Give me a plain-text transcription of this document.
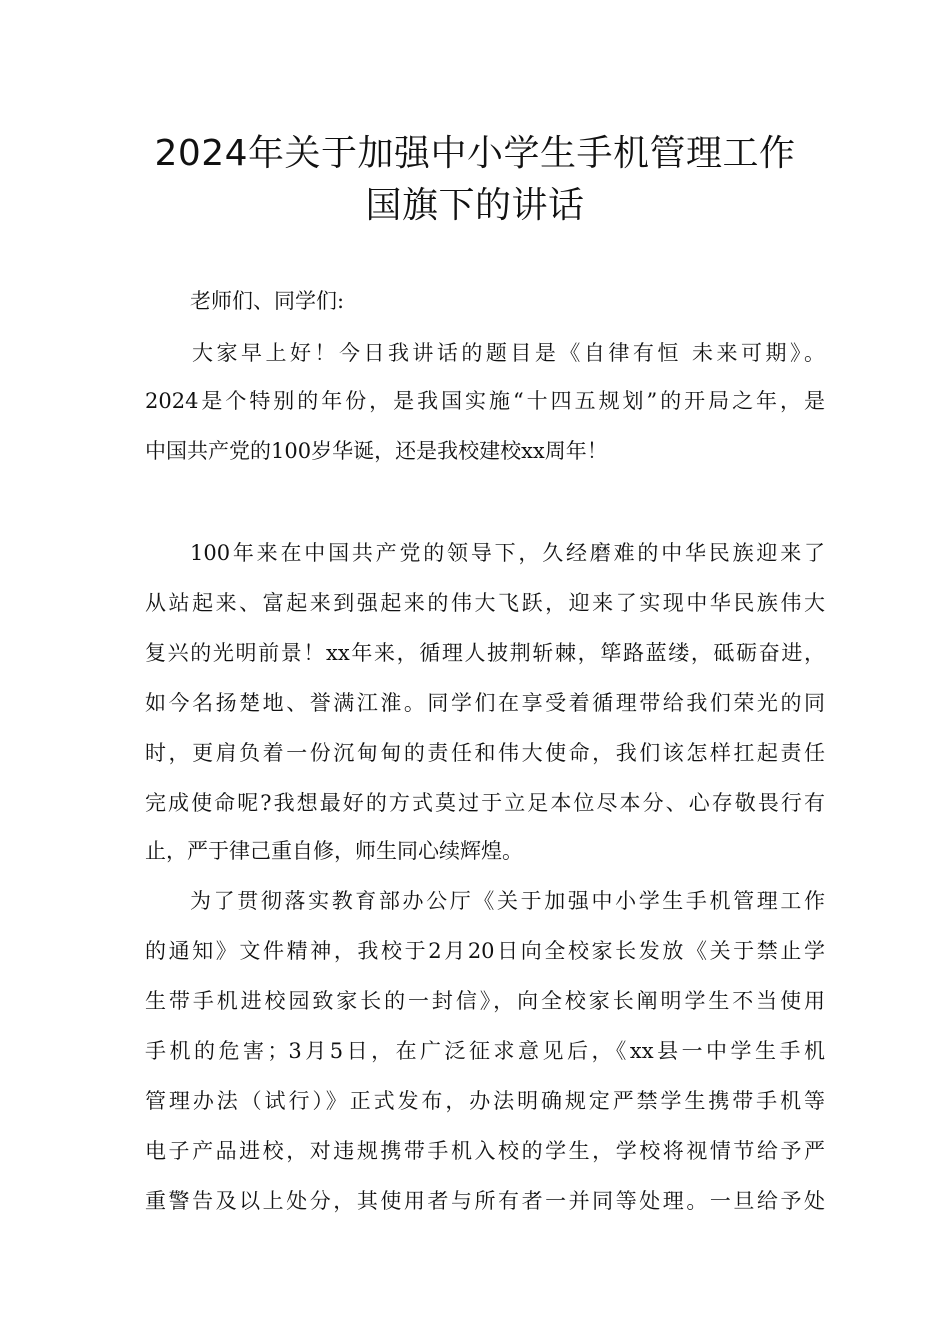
2024年关于加强中小学生手机管理工作
国旗下的讲话

老师们、同学们:

大家早上好！今日我讲话的题目是《自律有恒 未来可期》。

2024是个特别的年份，是我国实施“十四五规划”的开局之年，是

中国共产党的100岁华诞，还是我校建校xx周年！

100年来在中国共产党的领导下，久经磨难的中华民族迎来了

从站起来、富起来到强起来的伟大飞跃，迎来了实现中华民族伟大

复兴的光明前景！xx年来，循理人披荆斩棘，筚路蓝缕，砥砺奋进，

如今名扬楚地、誉满江淮。同学们在享受着循理带给我们荣光的同

时，更肩负着一份沉甸甸的责任和伟大使命，我们该怎样扛起责任

完成使命呢?我想最好的方式莫过于立足本位尽本分、心存敬畏行有

止，严于律己重自修，师生同心续辉煌。

为了贯彻落实教育部办公厅《关于加强中小学生手机管理工作

的通知》文件精神，我校于2月20日向全校家长发放《关于禁止学

生带手机进校园致家长的一封信》，向全校家长阐明学生不当使用

手机的危害；3月5日，在广泛征求意见后，《xx县一中学生手机

管理办法（试行）》正式发布，办法明确规定严禁学生携带手机等

电子产品进校，对违规携带手机入校的学生，学校将视情节给予严

重警告及以上处分，其使用者与所有者一并同等处理。一旦给予处
